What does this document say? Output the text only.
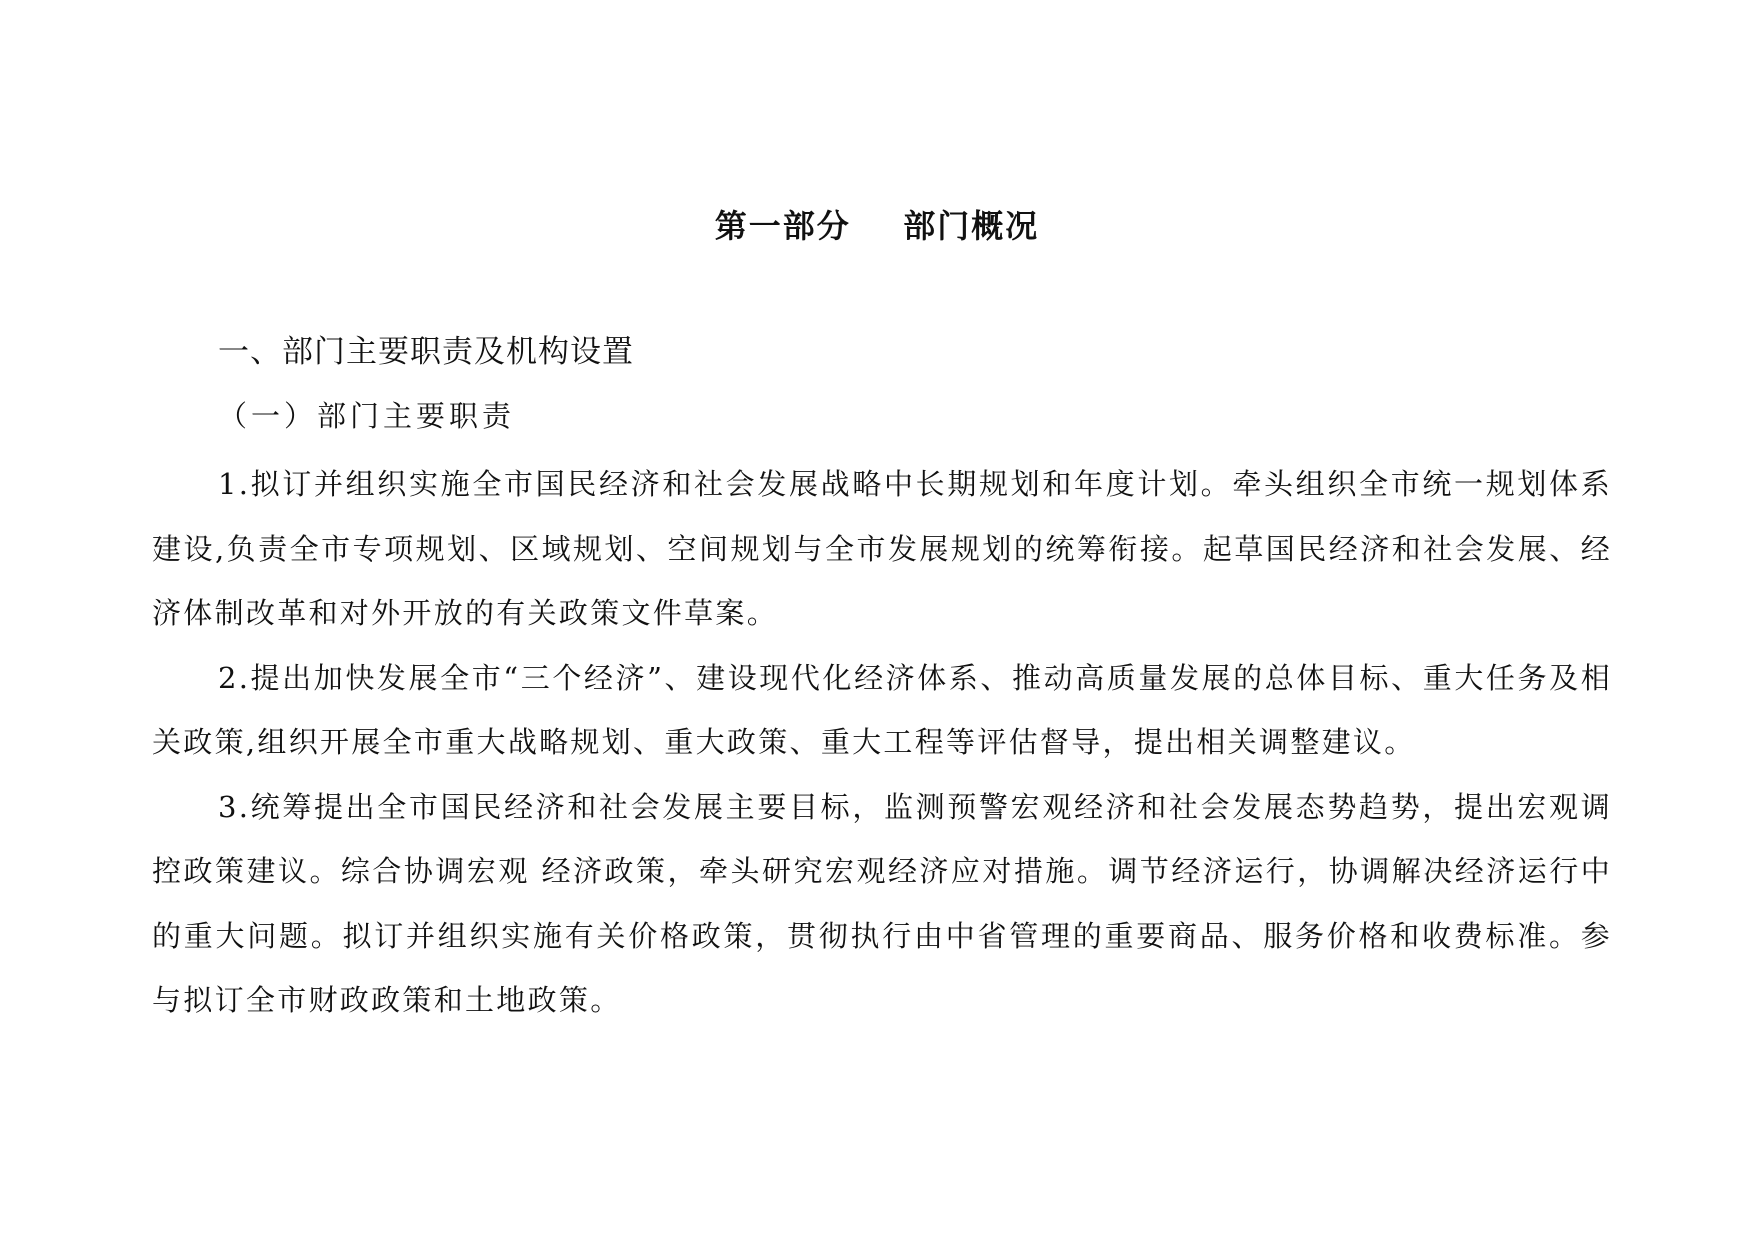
第一部分    部门概况
一、部门主要职责及机构设置
（一）部门主要职责

1.拟订并组织实施全市国民经济和社会发展战略中长期规划和年度计划。牵头组织全市统一规划体系建设,负责全市专项规划、区域规划、空间规划与全市发展规划的统筹衔接。起草国民经济和社会发展、经济体制改革和对外开放的有关政策文件草案。

2.提出加快发展全市“三个经济”、建设现代化经济体系、推动高质量发展的总体目标、重大任务及相关政策,组织开展全市重大战略规划、重大政策、重大工程等评估督导，提出相关调整建议。

3.统筹提出全市国民经济和社会发展主要目标，监测预警宏观经济和社会发展态势趋势，提出宏观调控政策建议。综合协调宏观 经济政策，牵头研究宏观经济应对措施。调节经济运行，协调解决经济运行中的重大问题。拟订并组织实施有关价格政策，贯彻执行由中省管理的重要商品、服务价格和收费标准。参与拟订全市财政政策和土地政策。
